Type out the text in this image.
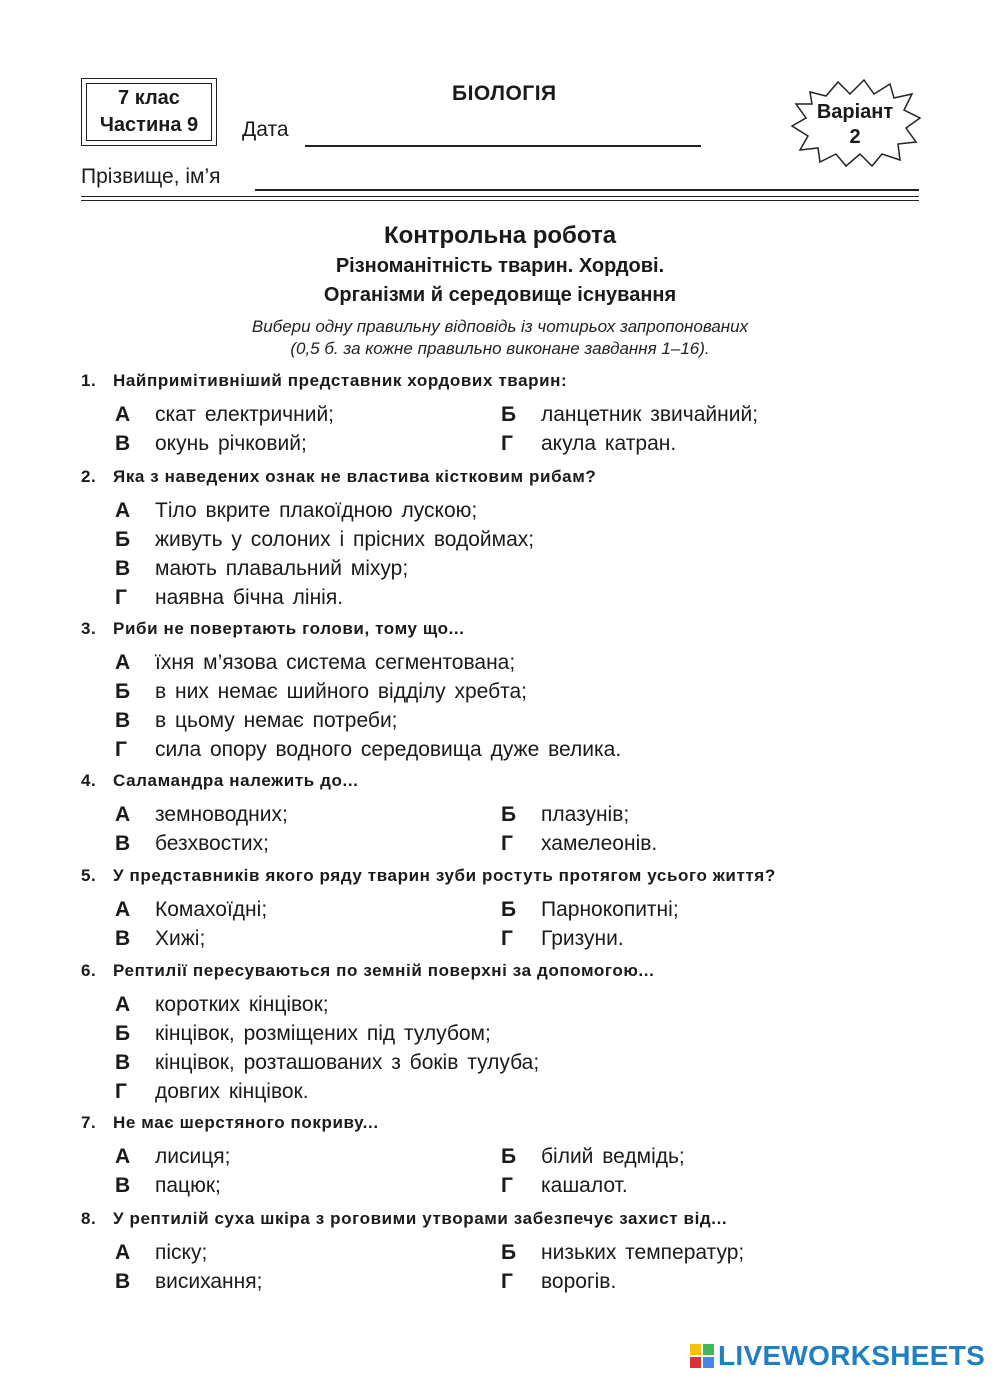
7 клас
Частина 9
БІОЛОГІЯ
Дата
Варіант
2
Прізвище, ім’я
Контрольна робота
Різноманітність тварин. Хордові.
Організми й середовище існування
Вибери одну правильну відповідь із чотирьох запропонованих
(0,5 б. за кожне правильно виконане завдання 1–16).
1. Найпримітивніший представник хордових тварин:
А скат електричний;	Б ланцетник звичайний;
В окунь річковий;	Г акула катран.
2. Яка з наведених ознак не властива кістковим рибам?
А Тіло вкрите плакоїдною лускою;
Б живуть у солоних і прісних водоймах;
В мають плавальний міхур;
Г наявна бічна лінія.
3. Риби не повертають голови, тому що...
А їхня м’язова система сегментована;
Б в них немає шийного відділу хребта;
В в цьому немає потреби;
Г сила опору водного середовища дуже велика.
4. Саламандра належить до...
А земноводних;	Б плазунів;
В безхвостих;	Г хамелеонів.
5. У представників якого ряду тварин зуби ростуть протягом усього життя?
А Комахоїдні;	Б Парнокопитні;
В Хижі;	Г Гризуни.
6. Рептилії пересуваються по земній поверхні за допомогою...
А коротких кінцівок;
Б кінцівок, розміщених під тулубом;
В кінцівок, розташованих з боків тулуба;
Г довгих кінцівок.
7. Не має шерстяного покриву...
А лисиця;	Б білий ведмідь;
В пацюк;	Г кашалот.
8. У рептилій суха шкіра з роговими утворами забезпечує захист від...
А піску;	Б низьких температур;
В висихання;	Г ворогів.
LIVEWORKSHEETS
